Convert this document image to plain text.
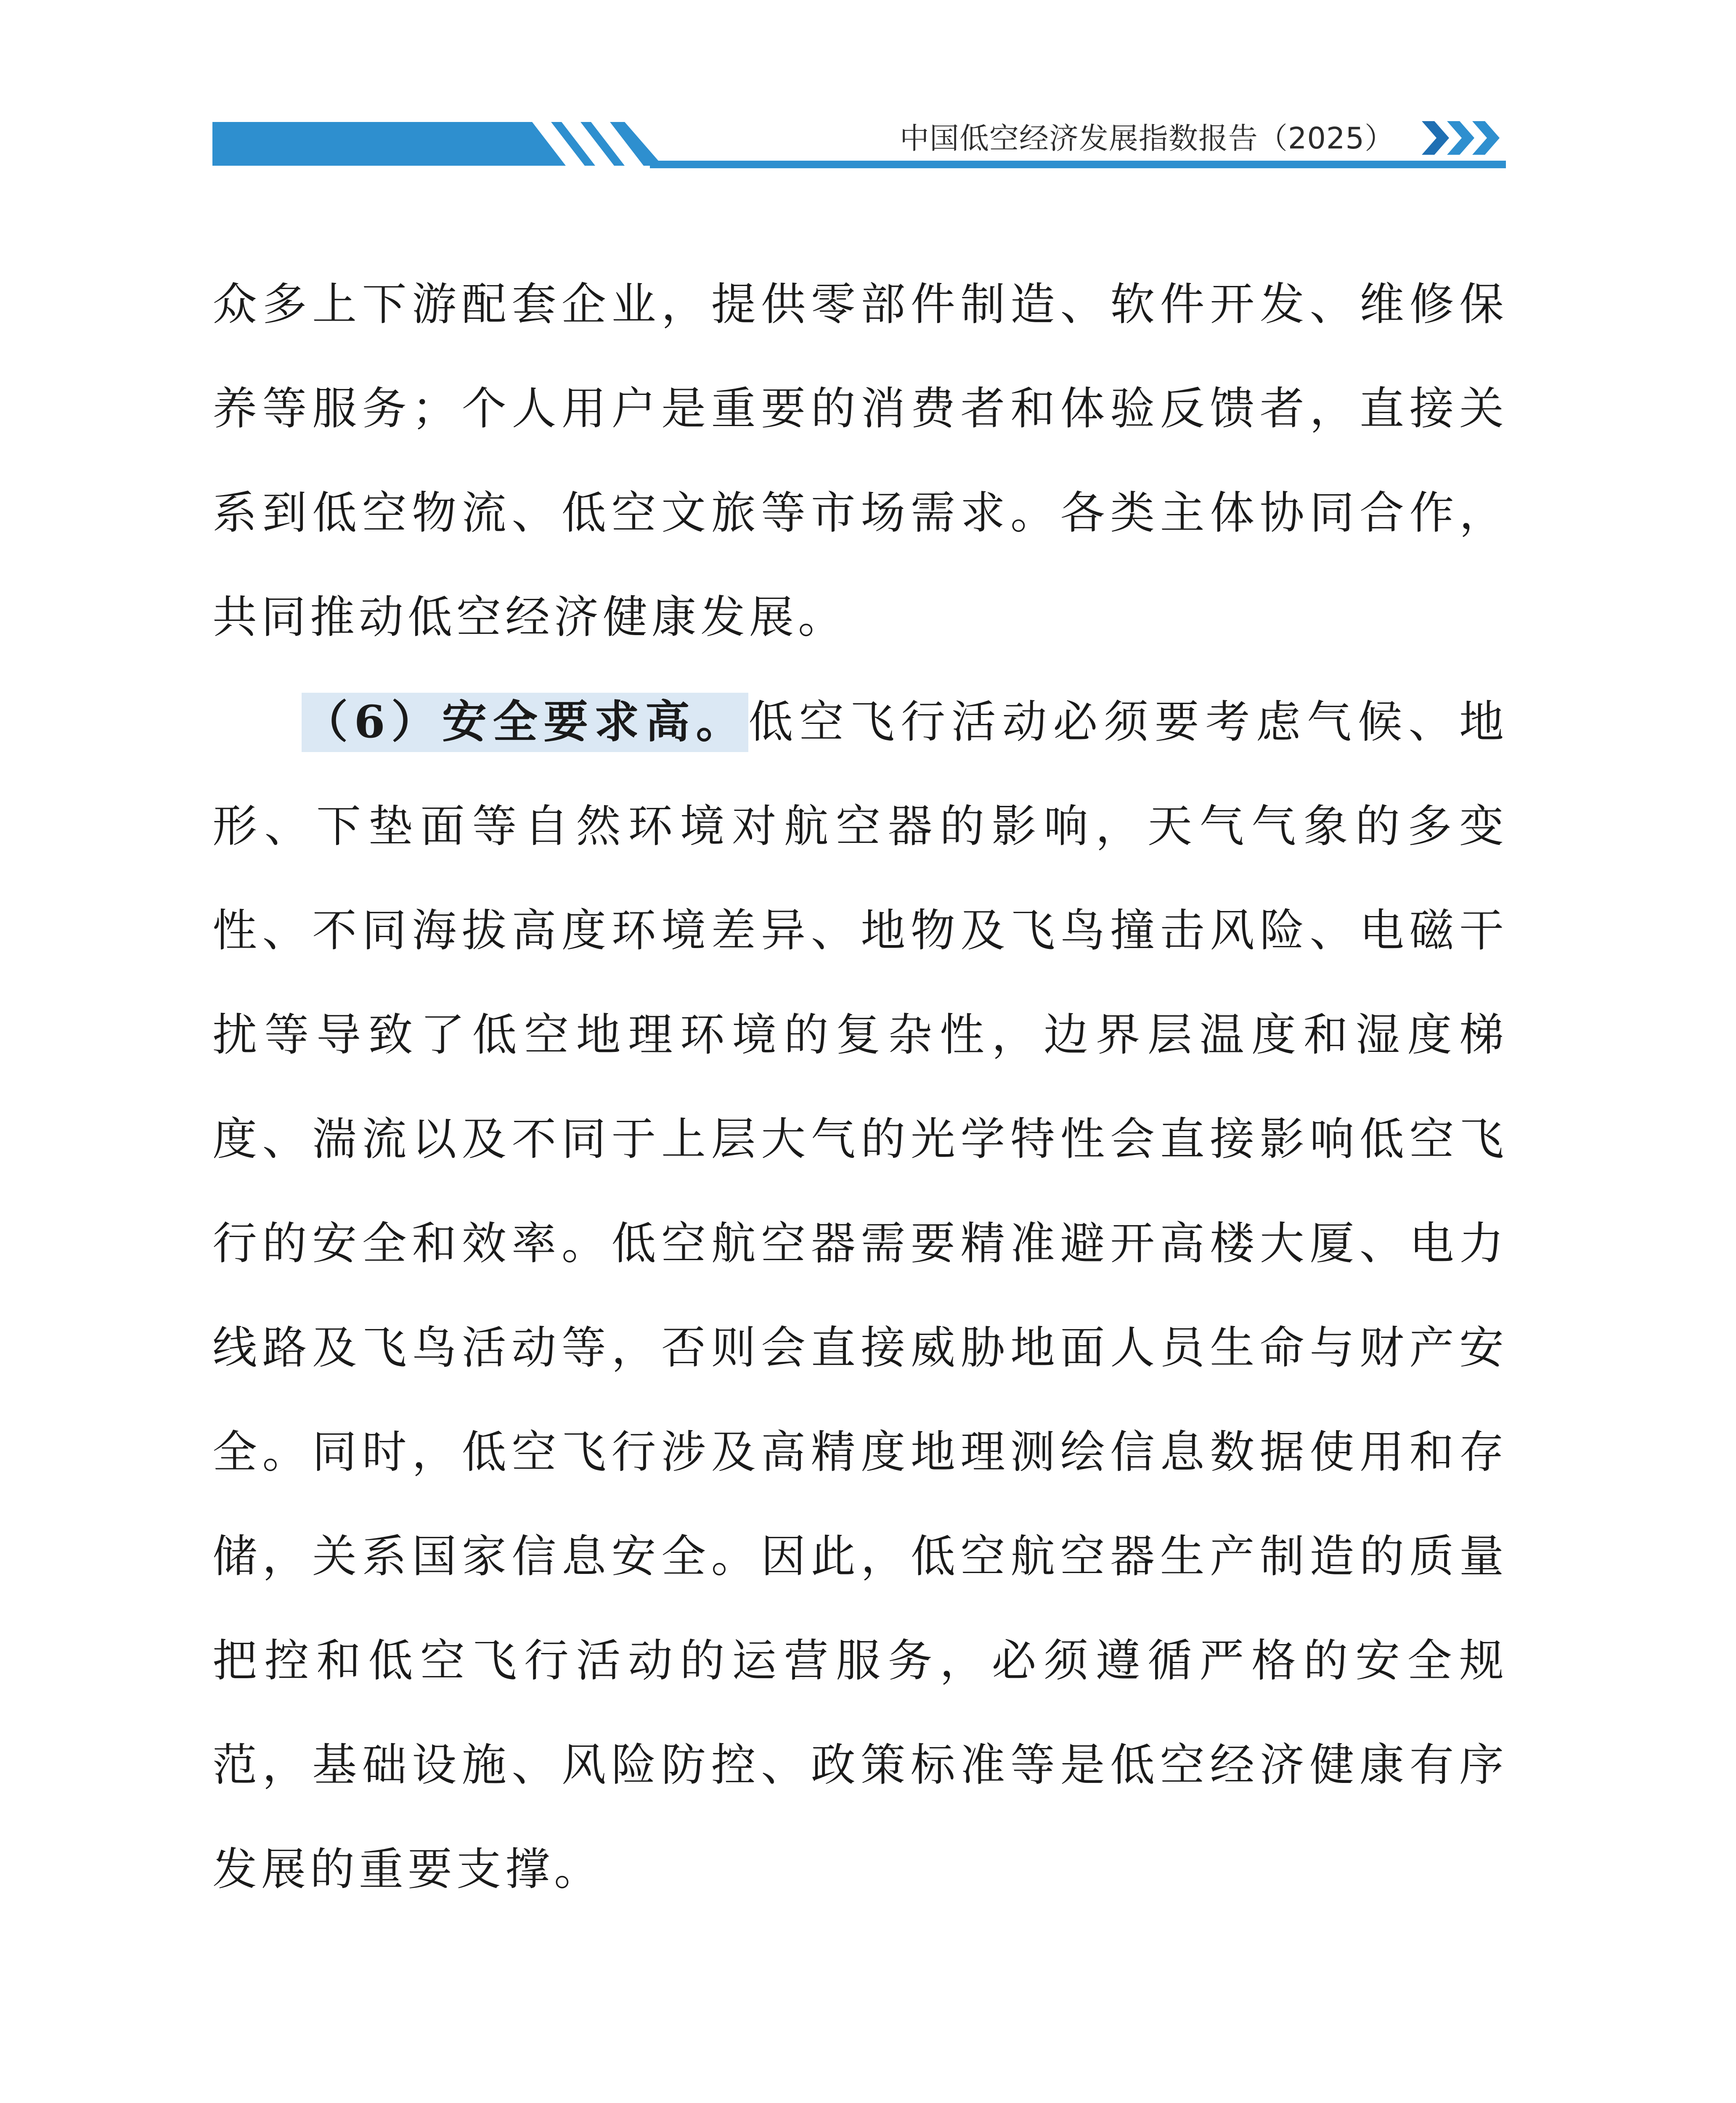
中国低空经济发展指数报告（2025）

众多上下游配套企业，提供零部件制造、软件开发、维修保养等服务；个人用户是重要的消费者和体验反馈者，直接关系到低空物流、低空文旅等市场需求。各类主体协同合作，共同推动低空经济健康发展。

（6）安全要求高。低空飞行活动必须要考虑气候、地形、下垫面等自然环境对航空器的影响，天气气象的多变性、不同海拔高度环境差异、地物及飞鸟撞击风险、电磁干扰等导致了低空地理环境的复杂性，边界层温度和湿度梯度、湍流以及不同于上层大气的光学特性会直接影响低空飞行的安全和效率。低空航空器需要精准避开高楼大厦、电力线路及飞鸟活动等，否则会直接威胁地面人员生命与财产安全。同时，低空飞行涉及高精度地理测绘信息数据使用和存储，关系国家信息安全。因此，低空航空器生产制造的质量把控和低空飞行活动的运营服务，必须遵循严格的安全规范，基础设施、风险防控、政策标准等是低空经济健康有序发展的重要支撑。
